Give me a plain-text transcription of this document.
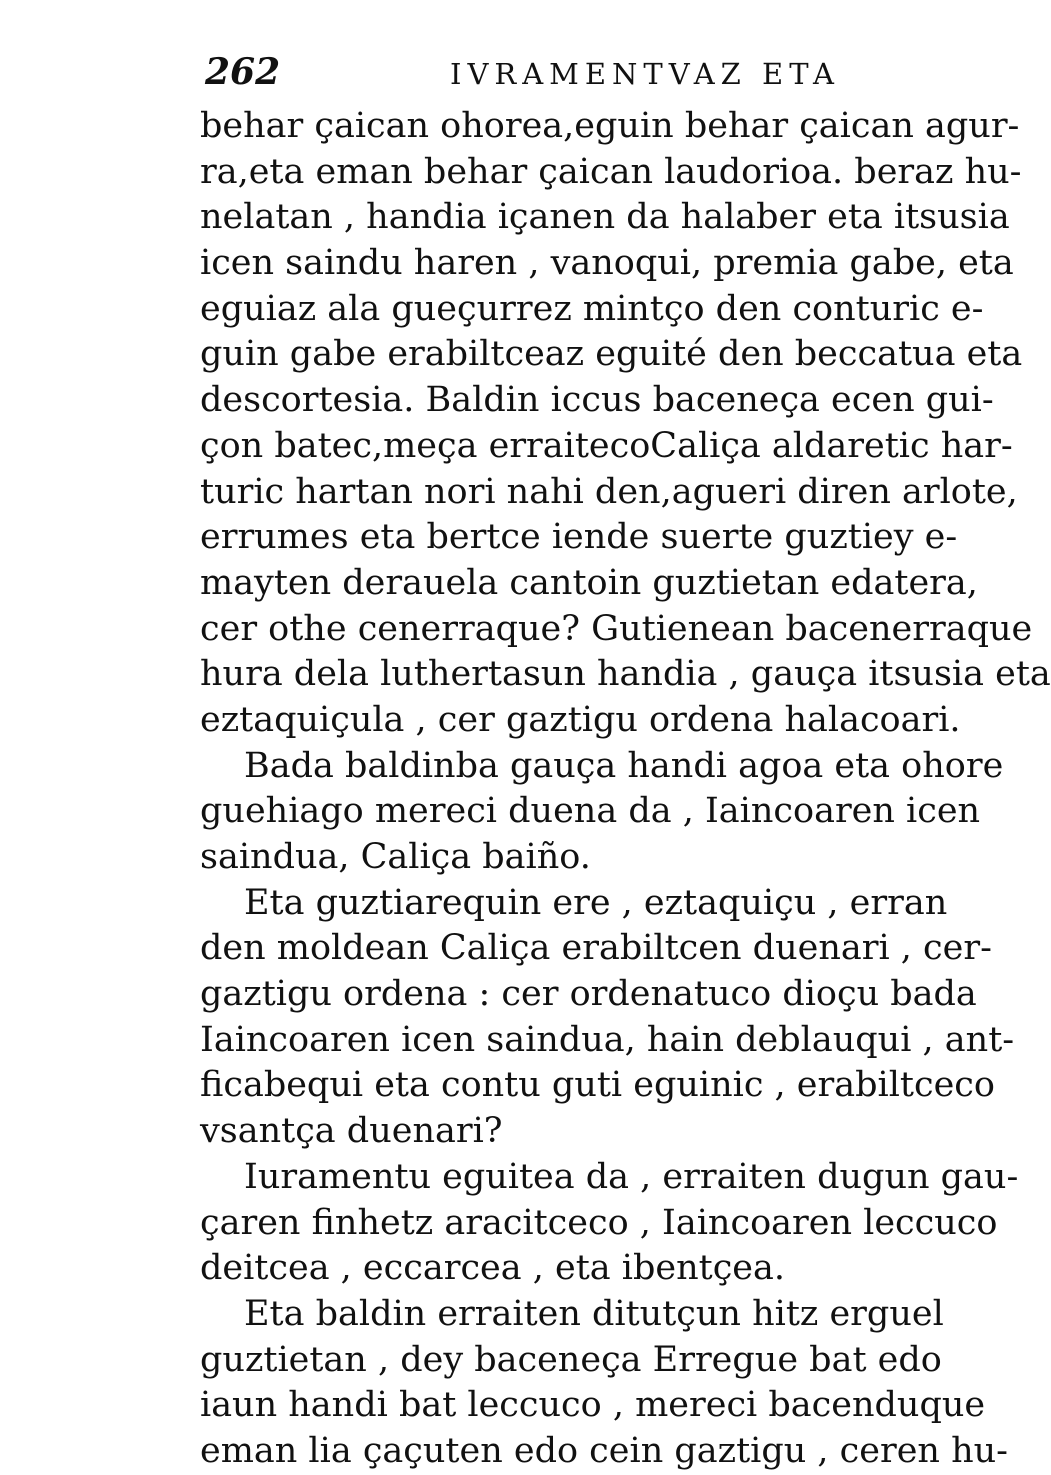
262	IVRAMENTVAZ ETA
behar çaican ohorea,eguin behar çaican agur-
ra,eta eman behar çaican laudorioa. beraz hu-
nelatan , handia içanen da halaber eta itsusia
icen saindu haren , vanoqui, premia gabe, eta
eguiaz ala gueçurrez mintço den conturic e-
guin gabe erabiltceaz eguité den beccatua eta
descortesia. Baldin iccus baceneça ecen gui-
çon batec,meça erraitecoCaliça aldaretic har-
turic hartan nori nahi den,agueri diren arlote,
errumes eta bertce iende suerte guztiey e-
mayten derauela cantoin guztietan edatera,
cer othe cenerraque? Gutienean bacenerraque
hura dela luthertasun handia , gauça itsusia eta
eztaquiçula , cer gaztigu ordena halacoari.
Bada baldinba gauça handi agoa eta ohore
guehiago mereci duena da , Iaincoaren icen
saindua, Caliça baiño.
Eta guztiarequin ere , eztaquiçu , erran
den moldean Caliça erabiltcen duenari , cer-
gaztigu ordena : cer ordenatuco dioçu bada
Iaincoaren icen saindua, hain deblauqui , ant-
ficabequi eta contu guti eguinic , erabiltceco
vsantça duenari?
Iuramentu eguitea da , erraiten dugun gau-
çaren finhetz aracitceco , Iaincoaren leccuco
deitcea , eccarcea , eta ibentçea.
Eta baldin erraiten ditutçun hitz erguel
guztietan , dey baceneça Erregue bat edo
iaun handi bat leccuco , mereci bacenduque
eman lia çaçuten edo cein gaztigu , ceren hu-
